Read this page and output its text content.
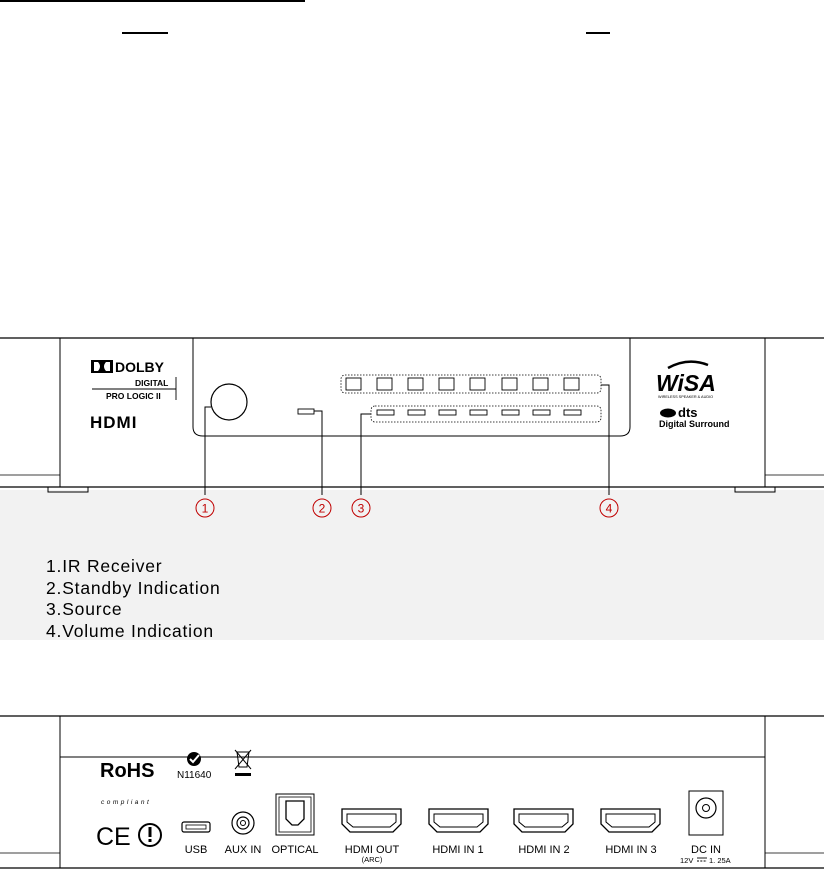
DOLBY
DIGITAL
PRO LOGIC II
HDMI
WiSA
WIRELESS SPEAKER & AUDIO
dts
Digital Surround
1	2	3	4
1.IR Receiver
2.Standby Indication
3.Source
4.Volume Indication
RoHS
compliant
N11640
CE	USB AUX IN OPTICAL HDMI OUT
(ARC)
HDMI IN 1	HDMI IN 2	HDMI IN 3	DC IN
12V 1. 25A
